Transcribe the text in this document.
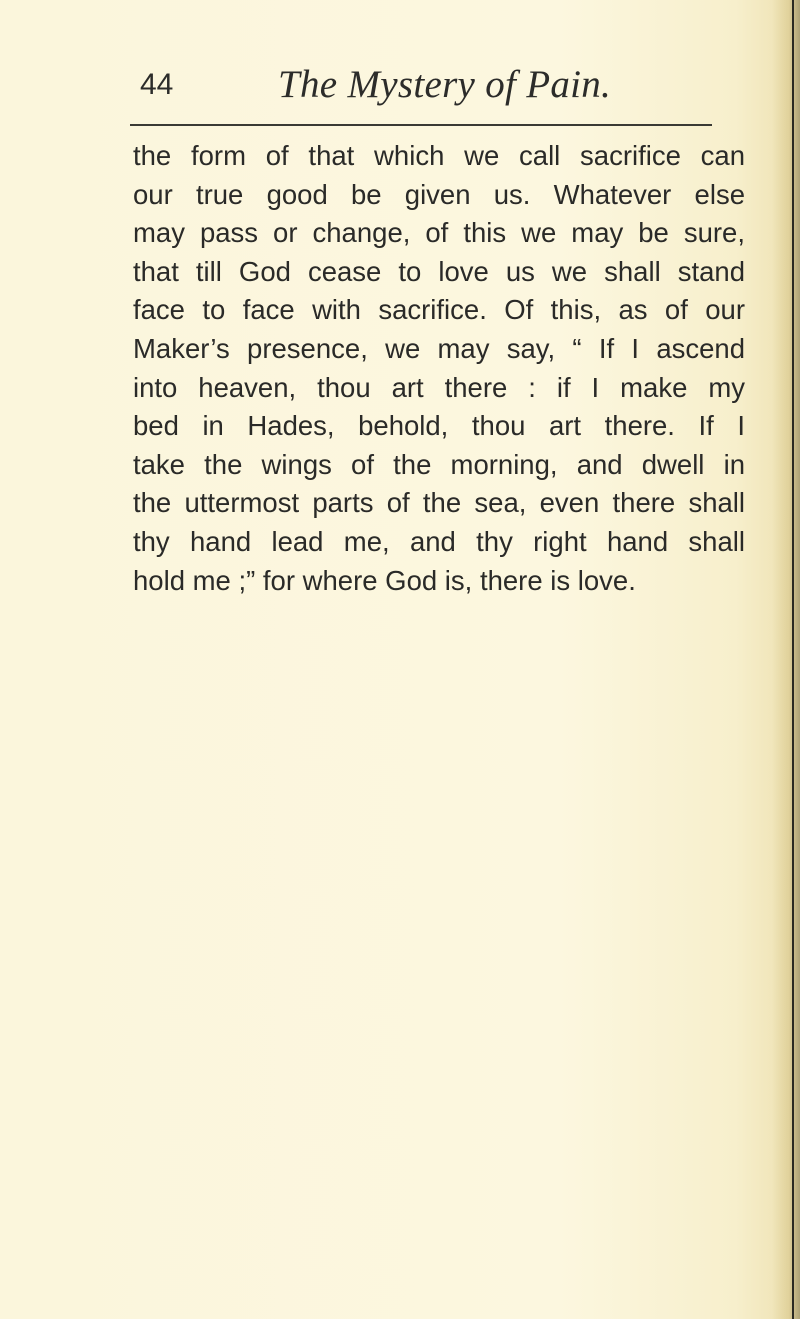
44	The Mystery of Pain.
the form of that which we call sacrifice can
our true good be given us. Whatever else
may pass or change, of this we may be sure,
that till God cease to love us we shall stand
face to face with sacrifice. Of this, as of our
Maker’s presence, we may say, “ If I ascend
into heaven, thou art there : if I make my
bed in Hades, behold, thou art there. If I
take the wings of the morning, and dwell in
the uttermost parts of the sea, even there shall
thy hand lead me, and thy right hand shall
hold me ;” for where God is, there is love.
